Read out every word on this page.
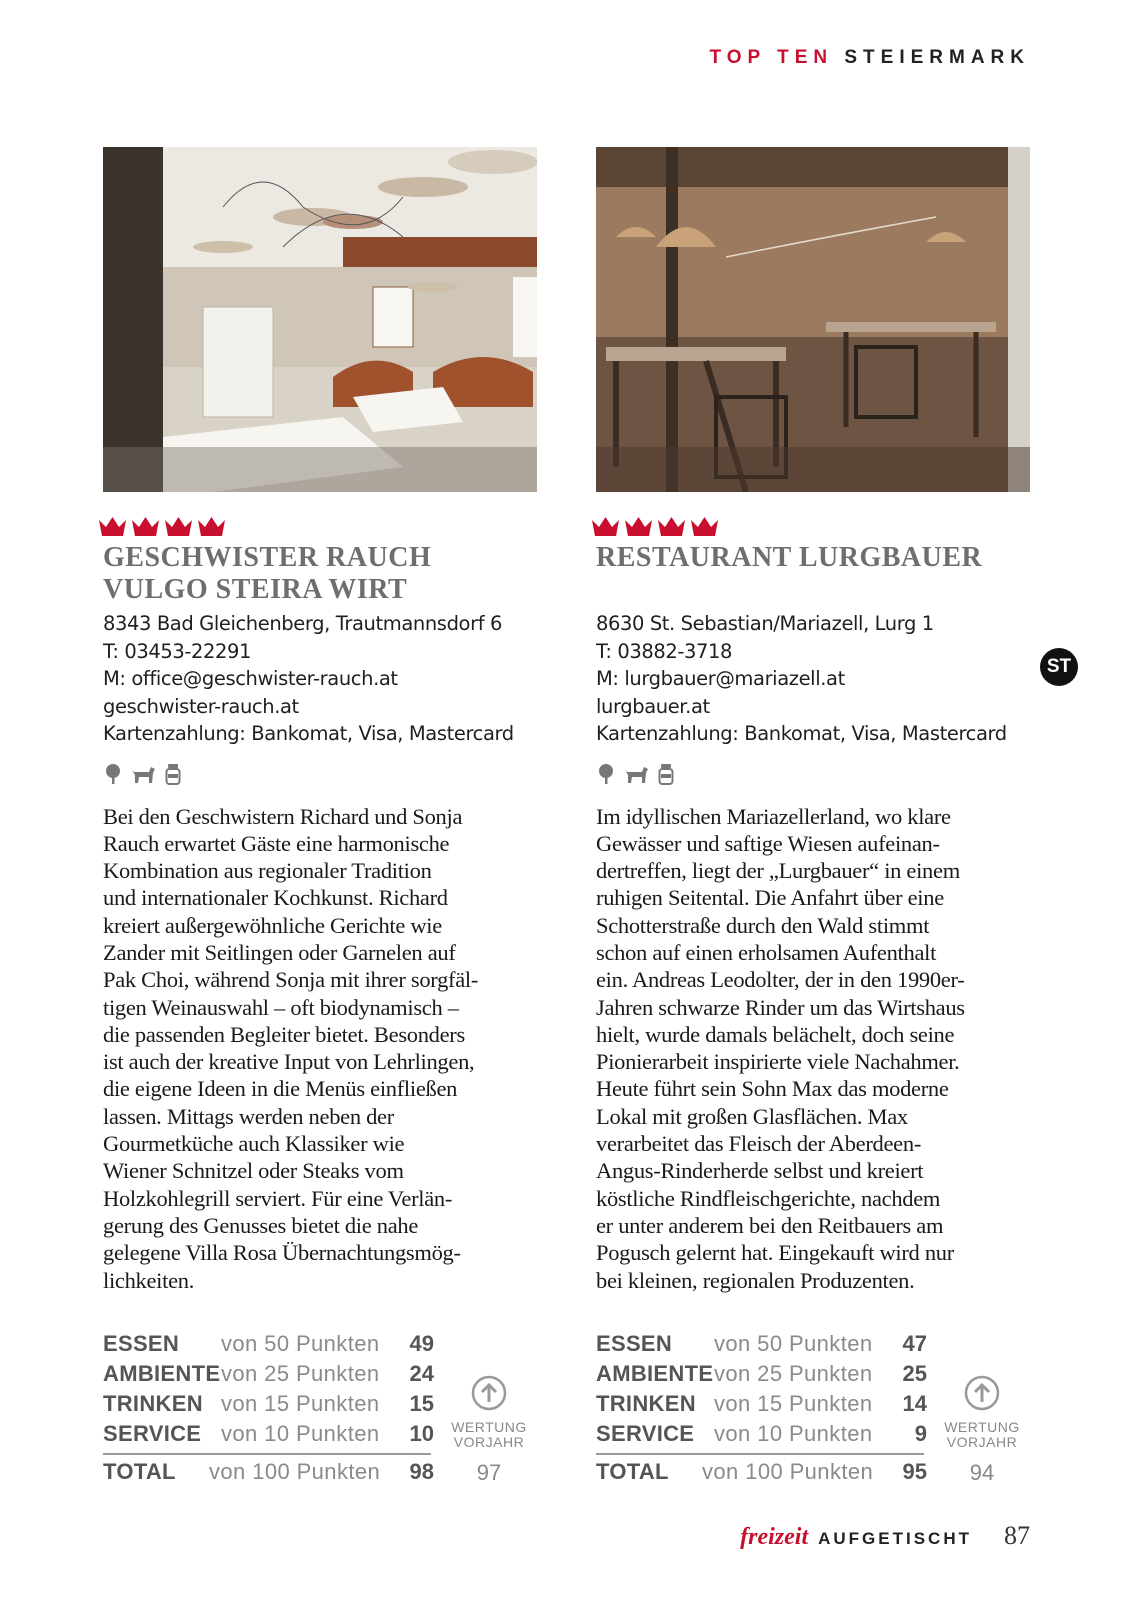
TOP TEN STEIERMARK
GESCHWISTER RAUCH
VULGO STEIRA WIRT
8343 Bad Gleichenberg, Trautmannsdorf 6
T: 03453-22291
M: office@geschwister-rauch.at
geschwister-rauch.at
Kartenzahlung: Bankomat, Visa, Mastercard
Bei den Geschwistern Richard und Sonja
Rauch erwartet Gäste eine harmonische
Kombination aus regionaler Tradition
und internationaler Kochkunst. Richard
kreiert außergewöhnliche Gerichte wie
Zander mit Seitlingen oder Garnelen auf
Pak Choi, während Sonja mit ihrer sorgfäl-
tigen Weinauswahl – oft biodynamisch –
die passenden Begleiter bietet. Besonders
ist auch der kreative Input von Lehrlingen,
die eigene Ideen in die Menüs einfließen
lassen. Mittags werden neben der
Gourmetküche auch Klassiker wie
Wiener Schnitzel oder Steaks vom
Holzkohlegrill serviert. Für eine Verlän-
gerung des Genusses bietet die nahe
gelegene Villa Rosa Übernachtungsmög-
lichkeiten.
RESTAURANT LURGBAUER
8630 St. Sebastian/Mariazell, Lurg 1
T: 03882-3718
M: lurgbauer@mariazell.at
lurgbauer.at
Kartenzahlung: Bankomat, Visa, Mastercard
Im idyllischen Mariazellerland, wo klare
Gewässer und saftige Wiesen aufeinan-
dertreffen, liegt der „Lurgbauer“ in einem
ruhigen Seitental. Die Anfahrt über eine
Schotterstraße durch den Wald stimmt
schon auf einen erholsamen Aufenthalt
ein. Andreas Leodolter, der in den 1990er-
Jahren schwarze Rinder um das Wirtshaus
hielt, wurde damals belächelt, doch seine
Pionierarbeit inspirierte viele Nachahmer.
Heute führt sein Sohn Max das moderne
Lokal mit großen Glasflächen. Max
verarbeitet das Fleisch der Aberdeen-
Angus-Rinderherde selbst und kreiert
köstliche Rindfleischgerichte, nachdem
er unter anderem bei den Reitbauers am
Pogusch gelernt hat. Eingekauft wird nur
bei kleinen, regionalen Produzenten.
ST
ESSEN von 50 Punkten 49
AMBIENTE von 25 Punkten 24
TRINKEN von 15 Punkten 15
SERVICE von 10 Punkten 10
TOTAL von 100 Punkten 98
WERTUNG
VORJAHR
97
ESSEN von 50 Punkten 47
AMBIENTE von 25 Punkten 25
TRINKEN von 15 Punkten 14
SERVICE von 10 Punkten 9
TOTAL von 100 Punkten 95
WERTUNG
VORJAHR
94
freizeit AUFGETISCHT 87
